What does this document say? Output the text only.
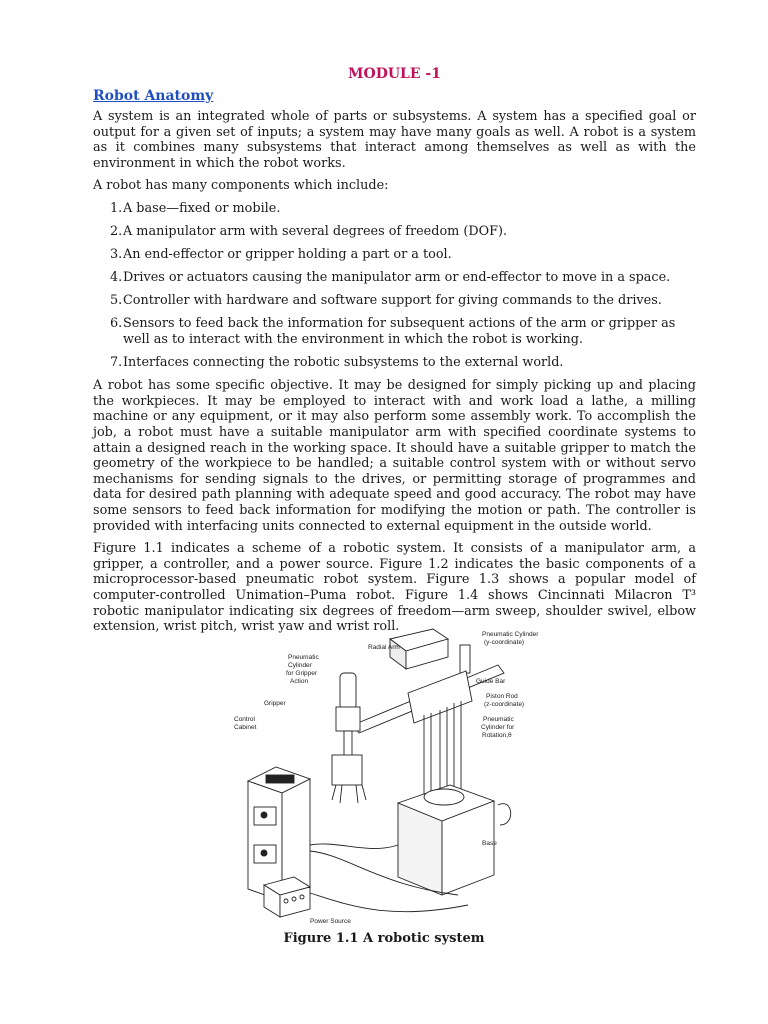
MODULE -1
Robot Anatomy

A system is an integrated whole of parts or subsystems. A system has a specified goal or output for a given set of inputs; a system may have many goals as well. A robot is a system as it combines many subsystems that interact among themselves as well as with the environment in which the robot works.

A robot has many components which include:

1. A base—fixed or mobile.
2. A manipulator arm with several degrees of freedom (DOF).
3. An end-effector or gripper holding a part or a tool.
4. Drives or actuators causing the manipulator arm or end-effector to move in a space.
5. Controller with hardware and software support for giving commands to the drives.
6. Sensors to feed back the information for subsequent actions of the arm or gripper as well as to interact with the environment in which the robot is working.
7. Interfaces connecting the robotic subsystems to the external world.

A robot has some specific objective. It may be designed for simply picking up and placing the workpieces. It may be employed to interact with and work load a lathe, a milling machine or any equipment, or it may also perform some assembly work. To accomplish the job, a robot must have a suitable manipulator arm with specified coordinate systems to attain a designed reach in the working space. It should have a suitable gripper to match the geometry of the workpiece to be handled; a suitable control system with or without servo mechanisms for sending signals to the drives, or permitting storage of programmes and data for desired path planning with adequate speed and good accuracy. The robot may have some sensors to feed back information for modifying the motion or path. The controller is provided with interfacing units connected to external equipment in the outside world.

Figure 1.1 indicates a scheme of a robotic system. It consists of a manipulator arm, a gripper, a controller, and a power source. Figure 1.2 indicates the basic components of a microprocessor-based pneumatic robot system. Figure 1.3 shows a popular model of computer-controlled Unimation–Puma robot. Figure 1.4 shows Cincinnati Milacron T³ robotic manipulator indicating six degrees of freedom—arm sweep, shoulder swivel, elbow extension, wrist pitch, wrist yaw and wrist roll.

Radial Arm
Pneumatic Cylinder
(y-coordinate)
Pneumatic
Cylinder
for Gripper
Action	Guide Bar
Piston Rod
(z-coordinate)
Gripper
Pneumatic
Cylinder for
Rotation,θ
Control
Cabinet
Base
Power Source
Figure 1.1 A robotic system
